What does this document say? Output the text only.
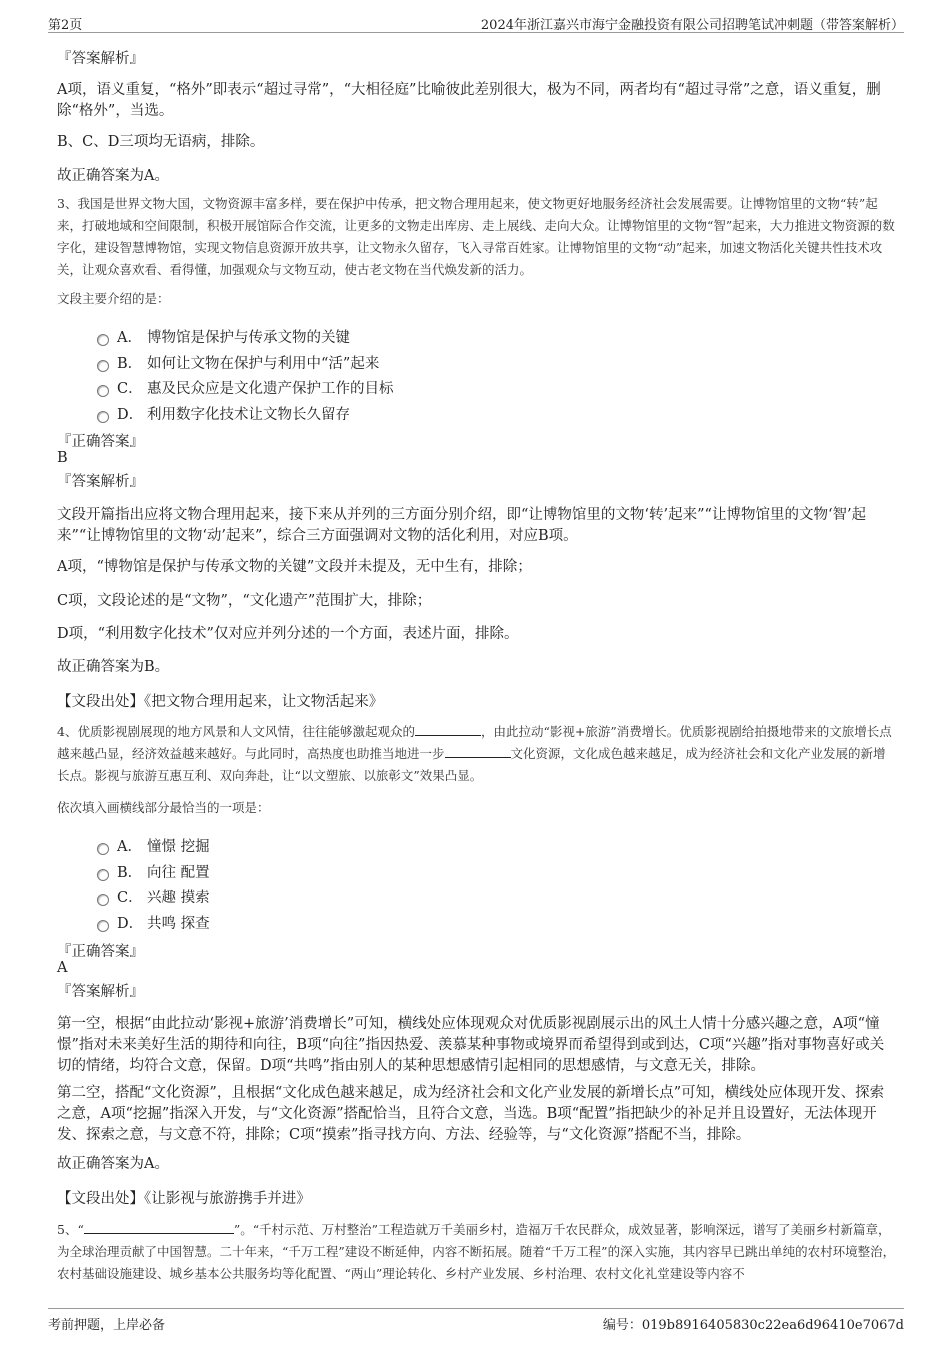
第2页	2024年浙江嘉兴市海宁金融投资有限公司招聘笔试冲刺题（带答案解析）
『答案解析』
A项，语义重复，“格外”即表示“超过寻常”，“大相径庭”比喻彼此差别很大，极为不同，两者均有“超过寻常”之意，语义重复，删除“格外”，当选。
B、C、D三项均无语病，排除。
故正确答案为A。
3、我国是世界文物大国，文物资源丰富多样，要在保护中传承，把文物合理用起来，使文物更好地服务经济社会发展需要。让博物馆里的文物“转”起来，打破地域和空间限制，积极开展馆际合作交流，让更多的文物走出库房、走上展线、走向大众。让博物馆里的文物“智”起来，大力推进文物资源的数字化，建设智慧博物馆，实现文物信息资源开放共享，让文物永久留存，飞入寻常百姓家。让博物馆里的文物“动”起来，加速文物活化关键共性技术攻关，让观众喜欢看、看得懂，加强观众与文物互动，使古老文物在当代焕发新的活力。
文段主要介绍的是：
A． 博物馆是保护与传承文物的关键
B． 如何让文物在保护与利用中“活”起来
C． 惠及民众应是文化遗产保护工作的目标
D． 利用数字化技术让文物长久留存
『正确答案』
B
『答案解析』
文段开篇指出应将文物合理用起来，接下来从并列的三方面分别介绍，即“让博物馆里的文物‘转’起来”“让博物馆里的文物‘智’起来”“让博物馆里的文物‘动’起来”，综合三方面强调对文物的活化利用，对应B项。
A项，“博物馆是保护与传承文物的关键”文段并未提及，无中生有，排除；
C项，文段论述的是“文物”，“文化遗产”范围扩大，排除；
D项，“利用数字化技术”仅对应并列分述的一个方面，表述片面，排除。
故正确答案为B。
【文段出处】《把文物合理用起来，让文物活起来》
4、优质影视剧展现的地方风景和人文风情，往往能够激起观众的	，由此拉动“影视+旅游”消费增长。优质影视剧给拍摄地带来的文旅增长点越来越凸显，经济效益越来越好。与此同时，高热度也助推当地进一步	文化资源，文化成色越来越足，成为经济社会和文化产业发展的新增长点。影视与旅游互惠互利、双向奔赴，让“以文塑旅、以旅彰文”效果凸显。
依次填入画横线部分最恰当的一项是：
A． 憧憬 挖掘
B． 向往 配置
C． 兴趣 摸索
D． 共鸣 探查
『正确答案』
A
『答案解析』
第一空，根据“由此拉动‘影视+旅游’消费增长”可知，横线处应体现观众对优质影视剧展示出的风土人情十分感兴趣之意，A项“憧憬”指对未来美好生活的期待和向往，B项“向往”指因热爱、羡慕某种事物或境界而希望得到或到达，C项“兴趣”指对事物喜好或关切的情绪，均符合文意，保留。D项“共鸣”指由别人的某种思想感情引起相同的思想感情，与文意无关，排除。
第二空，搭配“文化资源”，且根据“文化成色越来越足，成为经济社会和文化产业发展的新增长点”可知，横线处应体现开发、探索之意，A项“挖掘”指深入开发，与“文化资源”搭配恰当，且符合文意，当选。B项“配置”指把缺少的补足并且设置好，无法体现开发、探索之意，与文意不符，排除；C项“摸索”指寻找方向、方法、经验等，与“文化资源”搭配不当，排除。
故正确答案为A。
【文段出处】《让影视与旅游携手并进》
5、“	”。“千村示范、万村整治”工程造就万千美丽乡村，造福万千农民群众，成效显著，影响深远，谱写了美丽乡村新篇章，为全球治理贡献了中国智慧。二十年来，“千万工程”建设不断延伸，内容不断拓展。随着“千万工程”的深入实施，其内容早已跳出单纯的农村环境整治，农村基础设施建设、城乡基本公共服务均等化配置、“两山”理论转化、乡村产业发展、乡村治理、农村文化礼堂建设等内容不
考前押题，上岸必备	编号：019b8916405830c22ea6d96410e7067d
